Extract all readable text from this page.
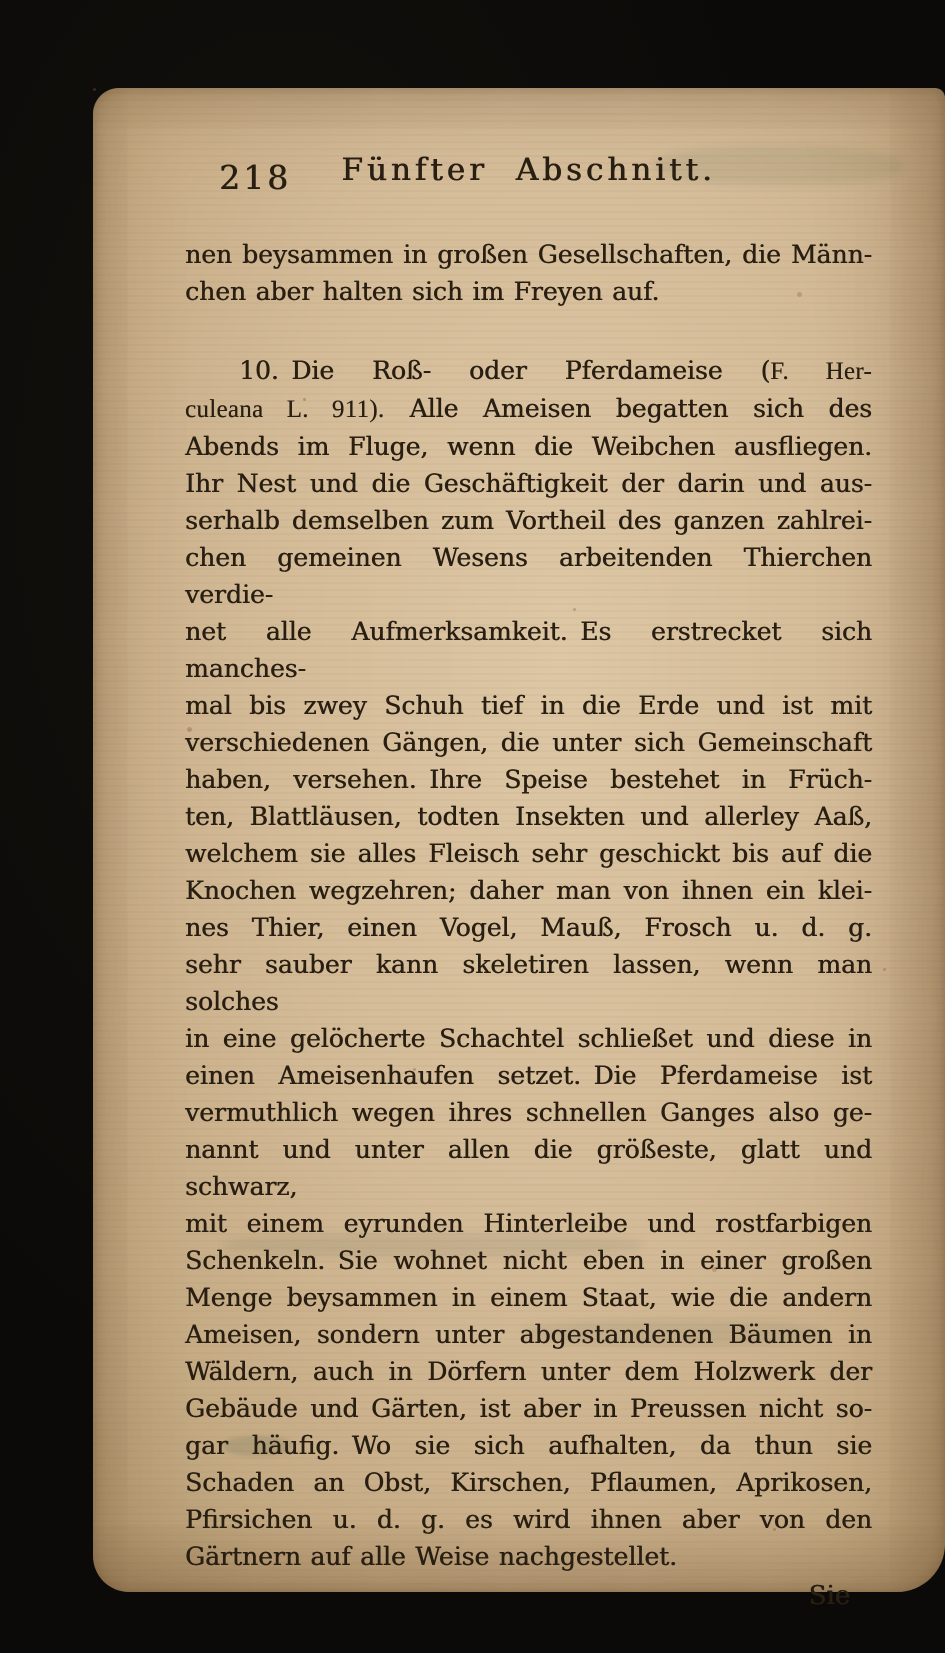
218	Fünfter Abschnitt.
nen beysammen in großen Gesellschaften, die Männ-
chen aber halten sich im Freyen auf.
10. Die Roß- oder Pferdameise (F. Her-
culeana L. 911).  Alle Ameisen begatten sich des
Abends im Fluge, wenn die Weibchen ausfliegen.
Ihr Nest und die Geschäftigkeit der darin und aus-
serhalb demselben zum Vortheil des ganzen zahlrei-
chen gemeinen Wesens arbeitenden Thierchen verdie-
net alle Aufmerksamkeit. Es erstrecket sich manches-
mal bis zwey Schuh tief in die Erde und ist mit
verschiedenen Gängen, die unter sich Gemeinschaft
haben, versehen. Ihre Speise bestehet in Früch-
ten, Blattläusen, todten Insekten und allerley Aaß,
welchem sie alles Fleisch sehr geschickt bis auf die
Knochen wegzehren; daher man von ihnen ein klei-
nes Thier, einen Vogel, Mauß, Frosch u. d. g.
sehr sauber kann skeletiren lassen, wenn man solches
in eine gelöcherte Schachtel schließet und diese in
einen Ameisenhaufen setzet. Die Pferdameise ist
vermuthlich wegen ihres schnellen Ganges also ge-
nannt und unter allen die größeste, glatt und schwarz,
mit einem eyrunden Hinterleibe und rostfarbigen
Schenkeln. Sie wohnet nicht eben in einer großen
Menge beysammen in einem Staat, wie die andern
Ameisen, sondern unter abgestandenen Bäumen in
Wäldern, auch in Dörfern unter dem Holzwerk der
Gebäude und Gärten, ist aber in Preussen nicht so-
gar häufig. Wo sie sich aufhalten, da thun sie
Schaden an Obst, Kirschen, Pflaumen, Aprikosen,
Pfirsichen u. d. g. es wird ihnen aber von den
Gärtnern auf alle Weise nachgestellet.
Sie
